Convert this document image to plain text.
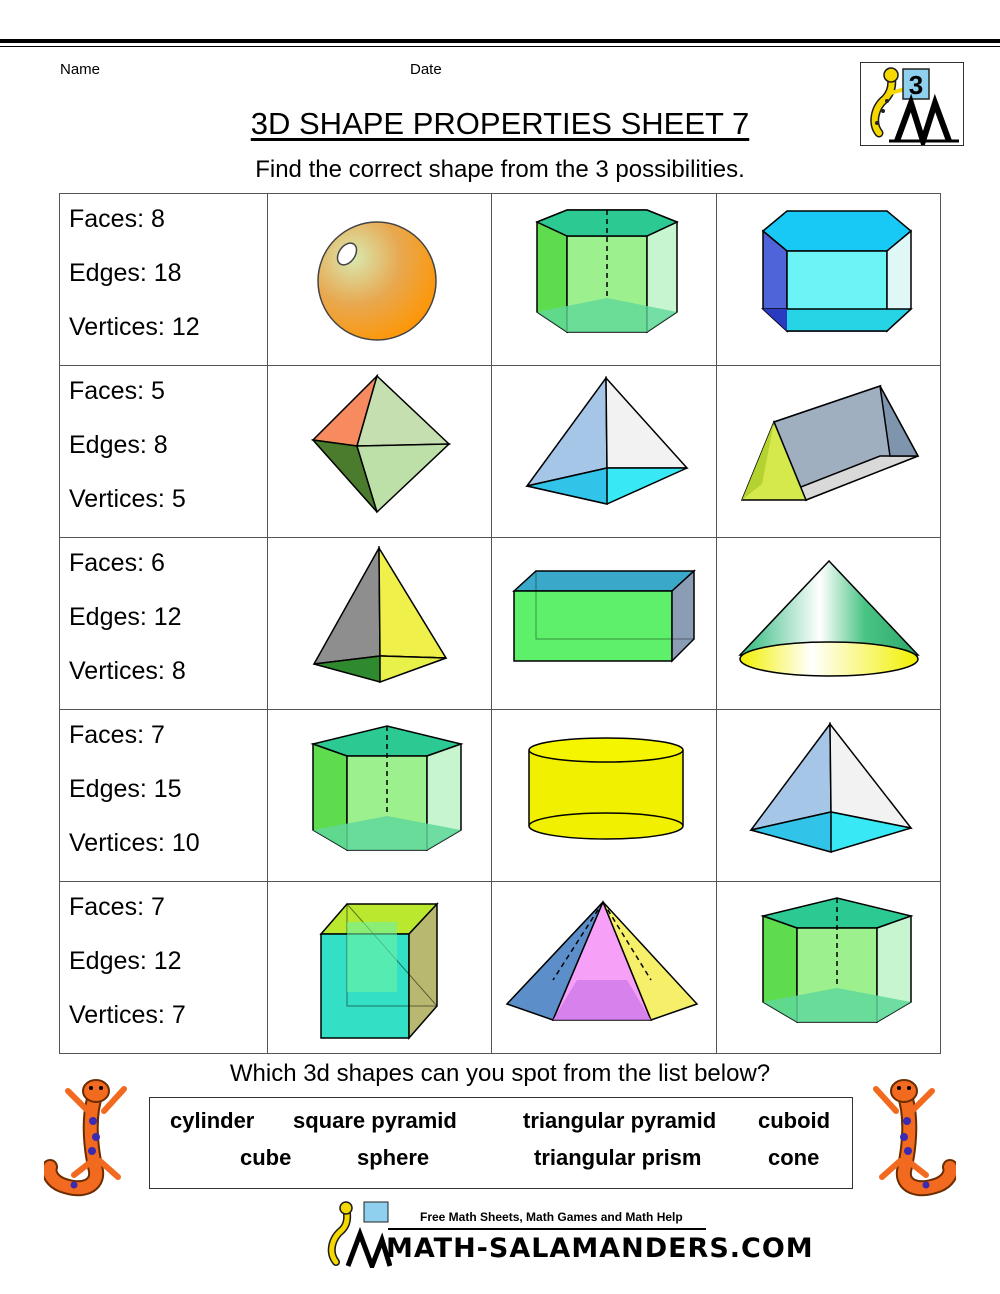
Name	Date
3
3D SHAPE PROPERTIES SHEET 7
Find the correct shape from the 3 possibilities.
Faces: 8
Edges: 18
Vertices: 12
Faces: 5
Edges: 8
Vertices: 5
Faces: 6
Edges: 12
Vertices: 8
Faces: 7
Edges: 15
Vertices: 10
Faces: 7
Edges: 12
Vertices: 7
Which 3d shapes can you spot from the list below?
cylinder square pyramid	triangular pyramid cuboid
cube	sphere	triangular prism	cone
Free Math Sheets, Math Games and Math Help
MATH-SALAMANDERS.COM
